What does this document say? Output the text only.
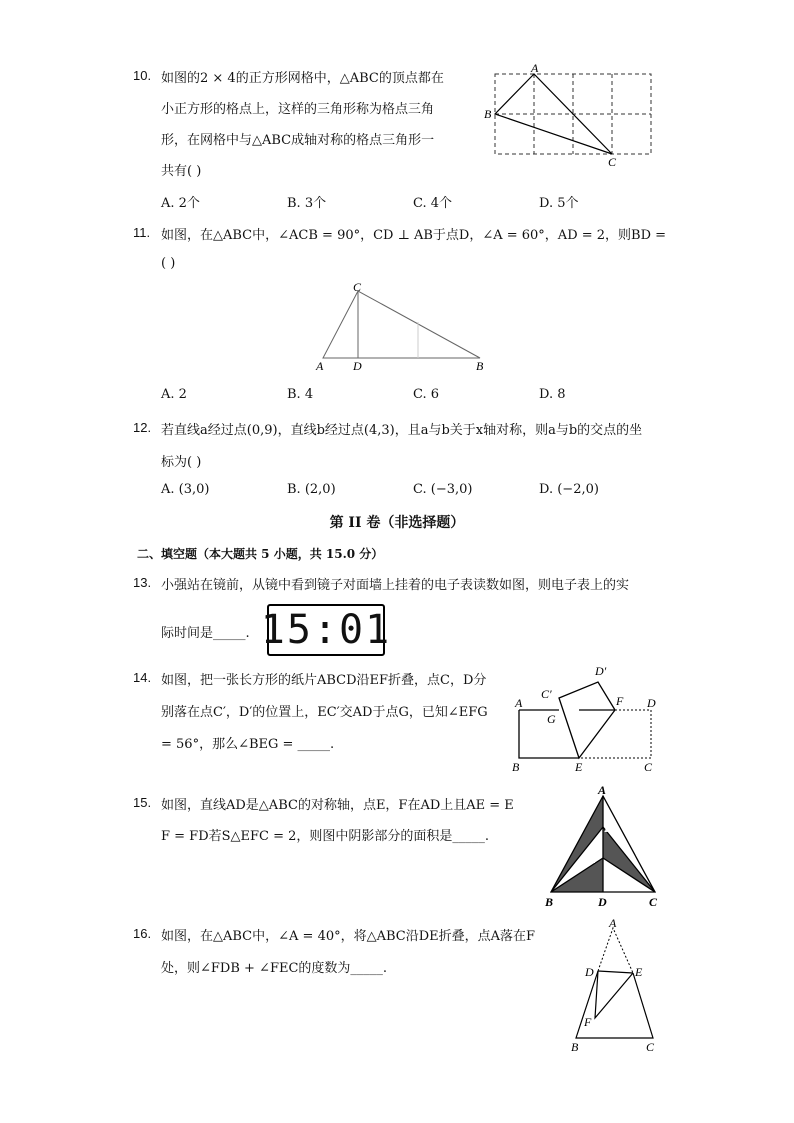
10. 如图的2 × 4的正方形网格中，△ABC的顶点都在
小正方形的格点上，这样的三角形称为格点三角
形，在网格中与△ABC成轴对称的格点三角形一
共有( )
A. 2个	B. 3个	C. 4个	D. 5个
A
B
C
11. 如图，在△ABC中，∠ACB = 90°，CD ⊥ AB于点D，∠A = 60°，AD = 2，则BD =
( )
C
A D	B
A. 2	B. 4	C. 6	D. 8
12. 若直线a经过点(0,9)，直线b经过点(4,3)，且a与b关于x轴对称，则a与b的交点的坐
标为( )
A. (3,0)	B. (2,0)	C. (−3,0)	D. (−2,0)
第 II 卷（非选择题）
二、填空题（本大题共 5 小题，共 15.0 分）
13. 小强站在镜前，从镜中看到镜子对面墙上挂着的电子表读数如图，则电子表上的实
际时间是_____. 15:01
14. 如图，把一张长方形的纸片ABCD沿EF折叠，点C，D分
别落在点C′，D′的位置上，EC′交AD于点G，已知∠EFG
= 56°，那么∠BEG = _____.
A
B	E	C
D
F
G
C′
D′
15. 如图，直线AD是△ABC的对称轴，点E，F在AD上且AE = E
F = FD若S△EFC = 2，则图中阴影部分的面积是_____.
A
E
F
B	D	C
16. 如图，在△ABC中，∠A = 40°，将△ABC沿DE折叠，点A落在F
处，则∠FDB + ∠FEC的度数为_____.
A
D	E
F
B	C
